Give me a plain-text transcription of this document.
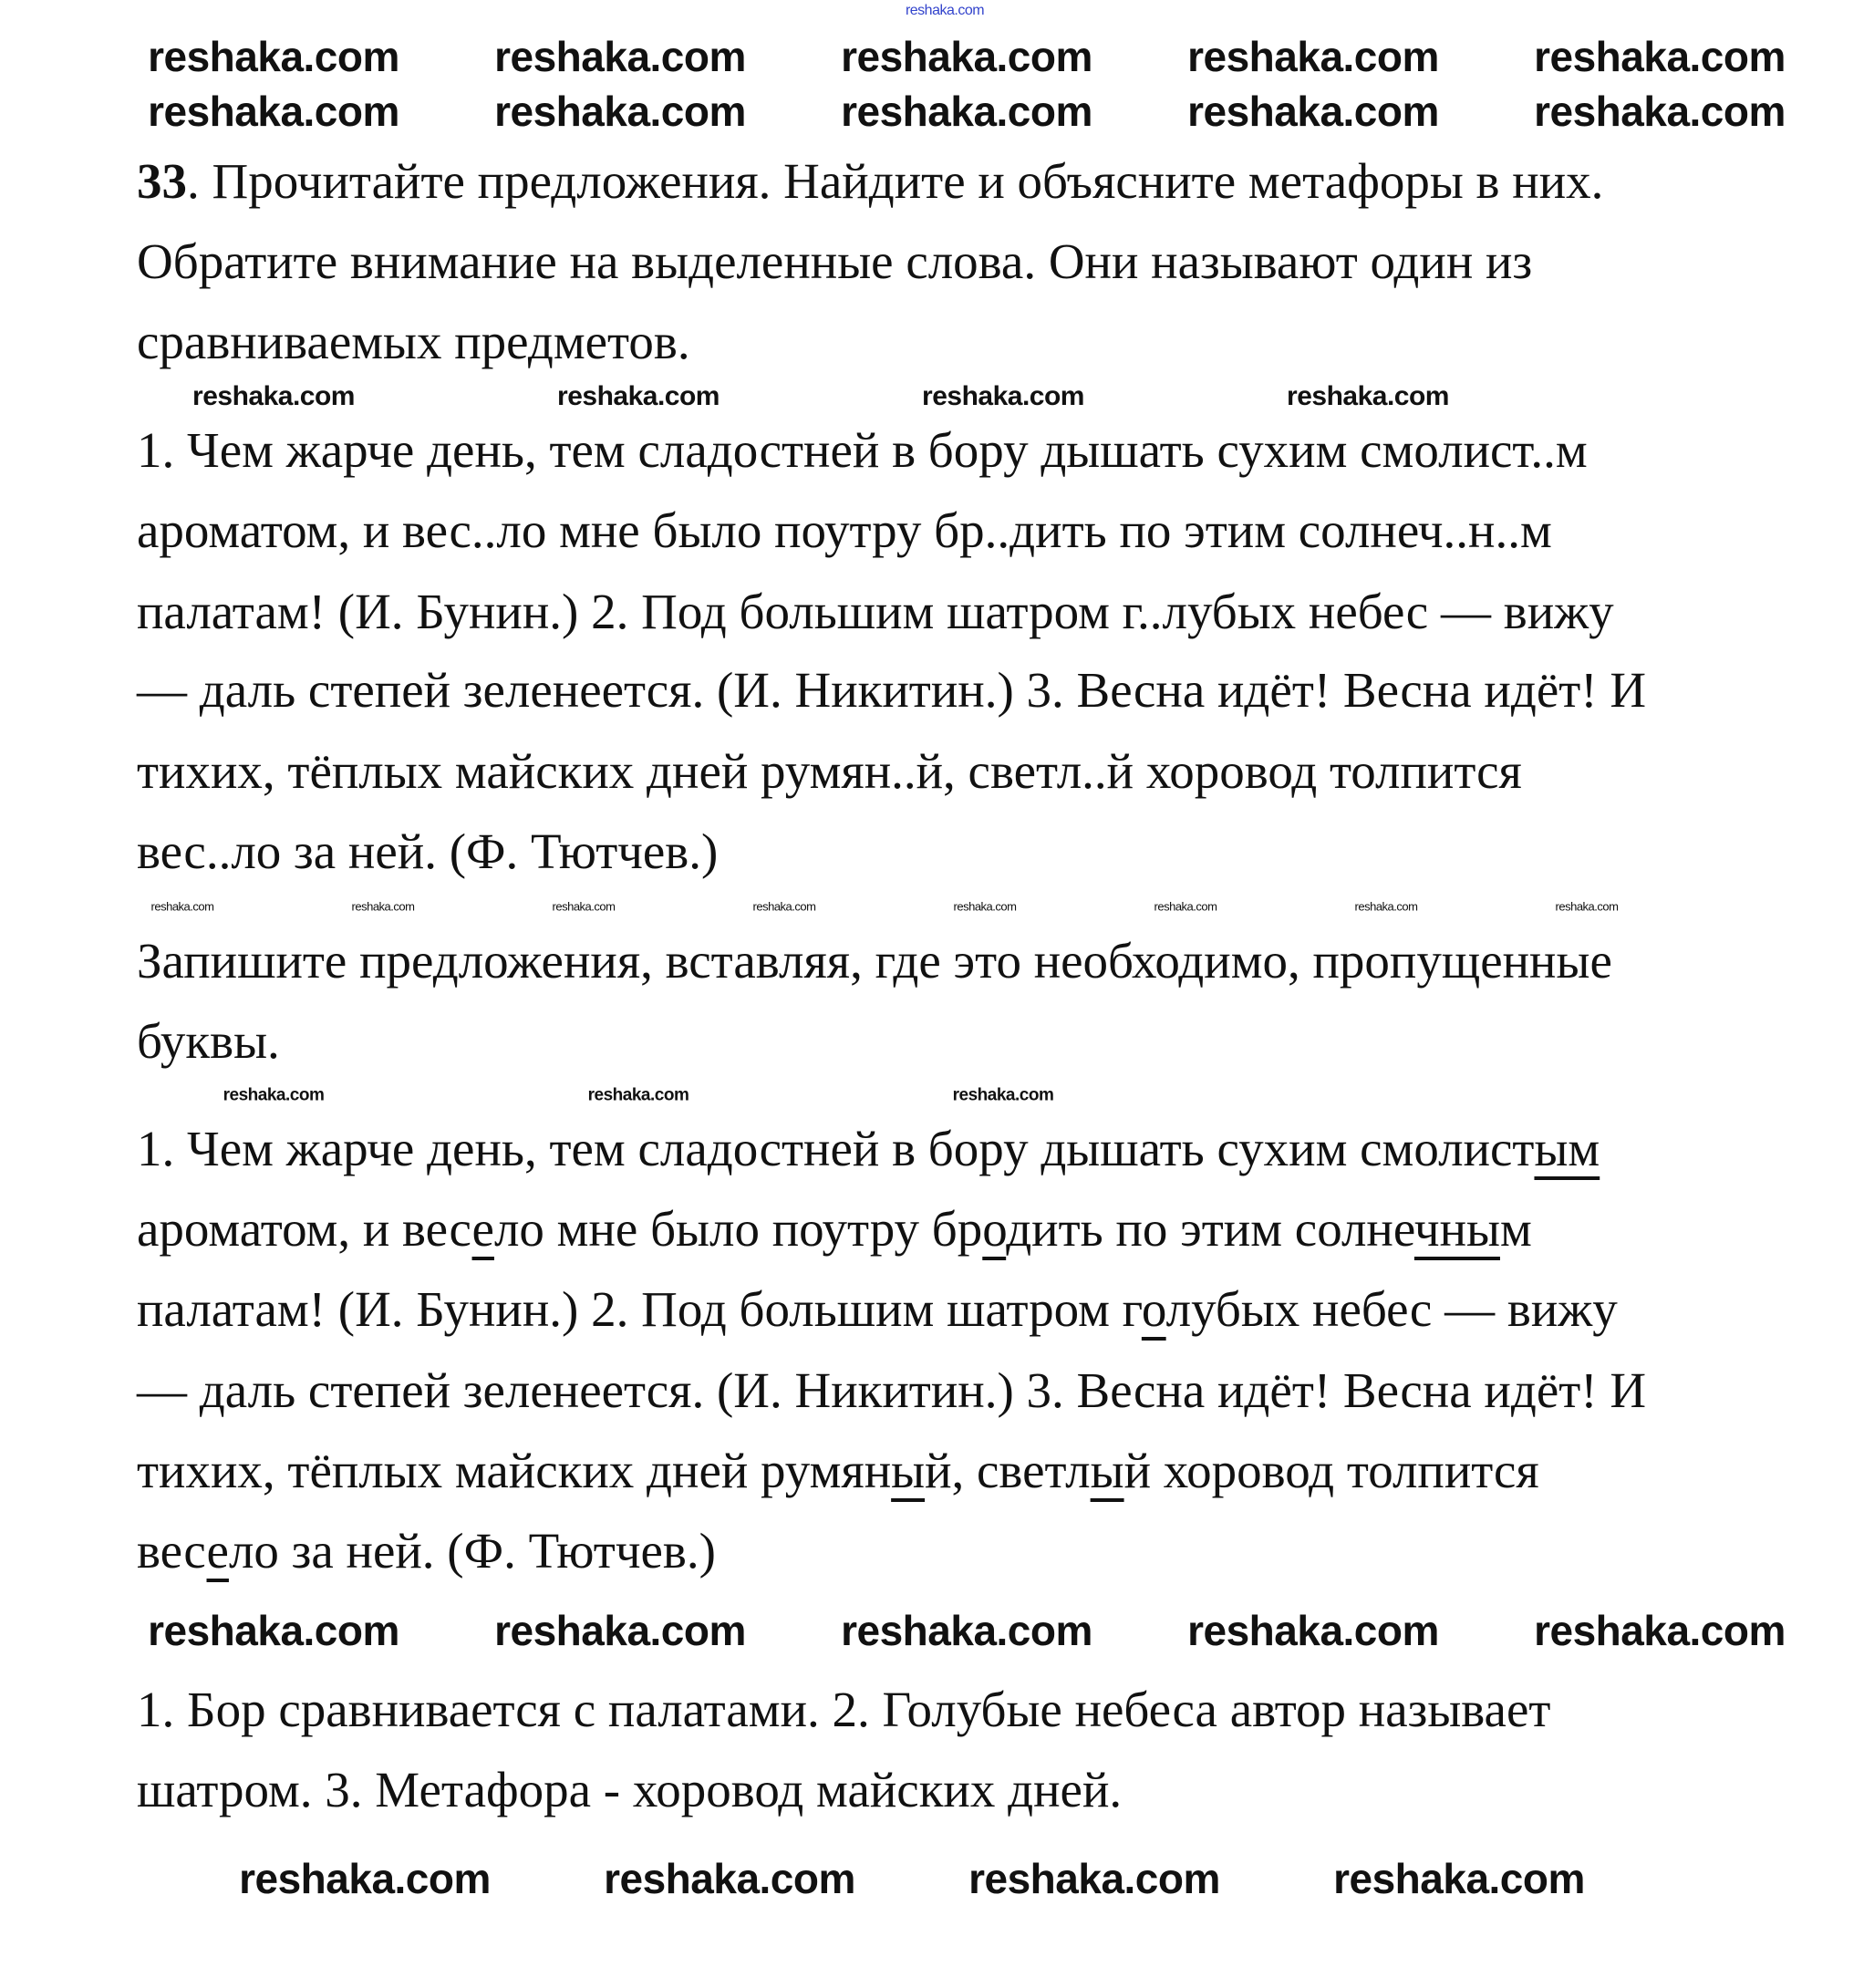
33. Прочитайте предложения. Найдите и объясните метафоры в них.
Обратите внимание на выделенные слова. Они называют один из
сравниваемых предметов.
1. Чем жарче день, тем сладостней в бору дышать сухим смолист..м
ароматом, и вес..ло мне было поутру бр..дить по этим солнеч..н..м
палатам! (И. Бунин.) 2. Под большим шатром г..лубых небес — вижу
— даль степей зеленеется. (И. Никитин.) 3. Весна идёт! Весна идёт! И
тихих, тёплых майских дней румян..й, светл..й хоровод толпится
вес..ло за ней. (Ф. Тютчев.)
Запишите предложения, вставляя, где это необходимо, пропущенные
буквы.
1. Чем жарче день, тем сладостней в бору дышать сухим смолистым
ароматом, и весело мне было поутру бродить по этим солнечным
палатам! (И. Бунин.) 2. Под большим шатром голубых небес — вижу
— даль степей зеленеется. (И. Никитин.) 3. Весна идёт! Весна идёт! И
тихих, тёплых майских дней румяный, светлый хоровод толпится
весело за ней. (Ф. Тютчев.)
1. Бор сравнивается с палатами. 2. Голубые небеса автор называет
шатром. 3. Метафора - хоровод майских дней.
reshaka.com
reshaka.com reshaka.com reshaka.com reshaka.com reshaka.com
reshaka.com reshaka.com reshaka.com reshaka.com reshaka.com
reshaka.com reshaka.com reshaka.com reshaka.com reshaka.com
reshaka.com	reshaka.com	reshaka.com	reshaka.com
reshaka.com	reshaka.com	reshaka.com	reshaka.com
reshaka.com	reshaka.com	reshaka.com	reshaka.com	reshaka.com	reshaka.com	reshaka.com	reshaka.com
reshaka.com	reshaka.com	reshaka.com
